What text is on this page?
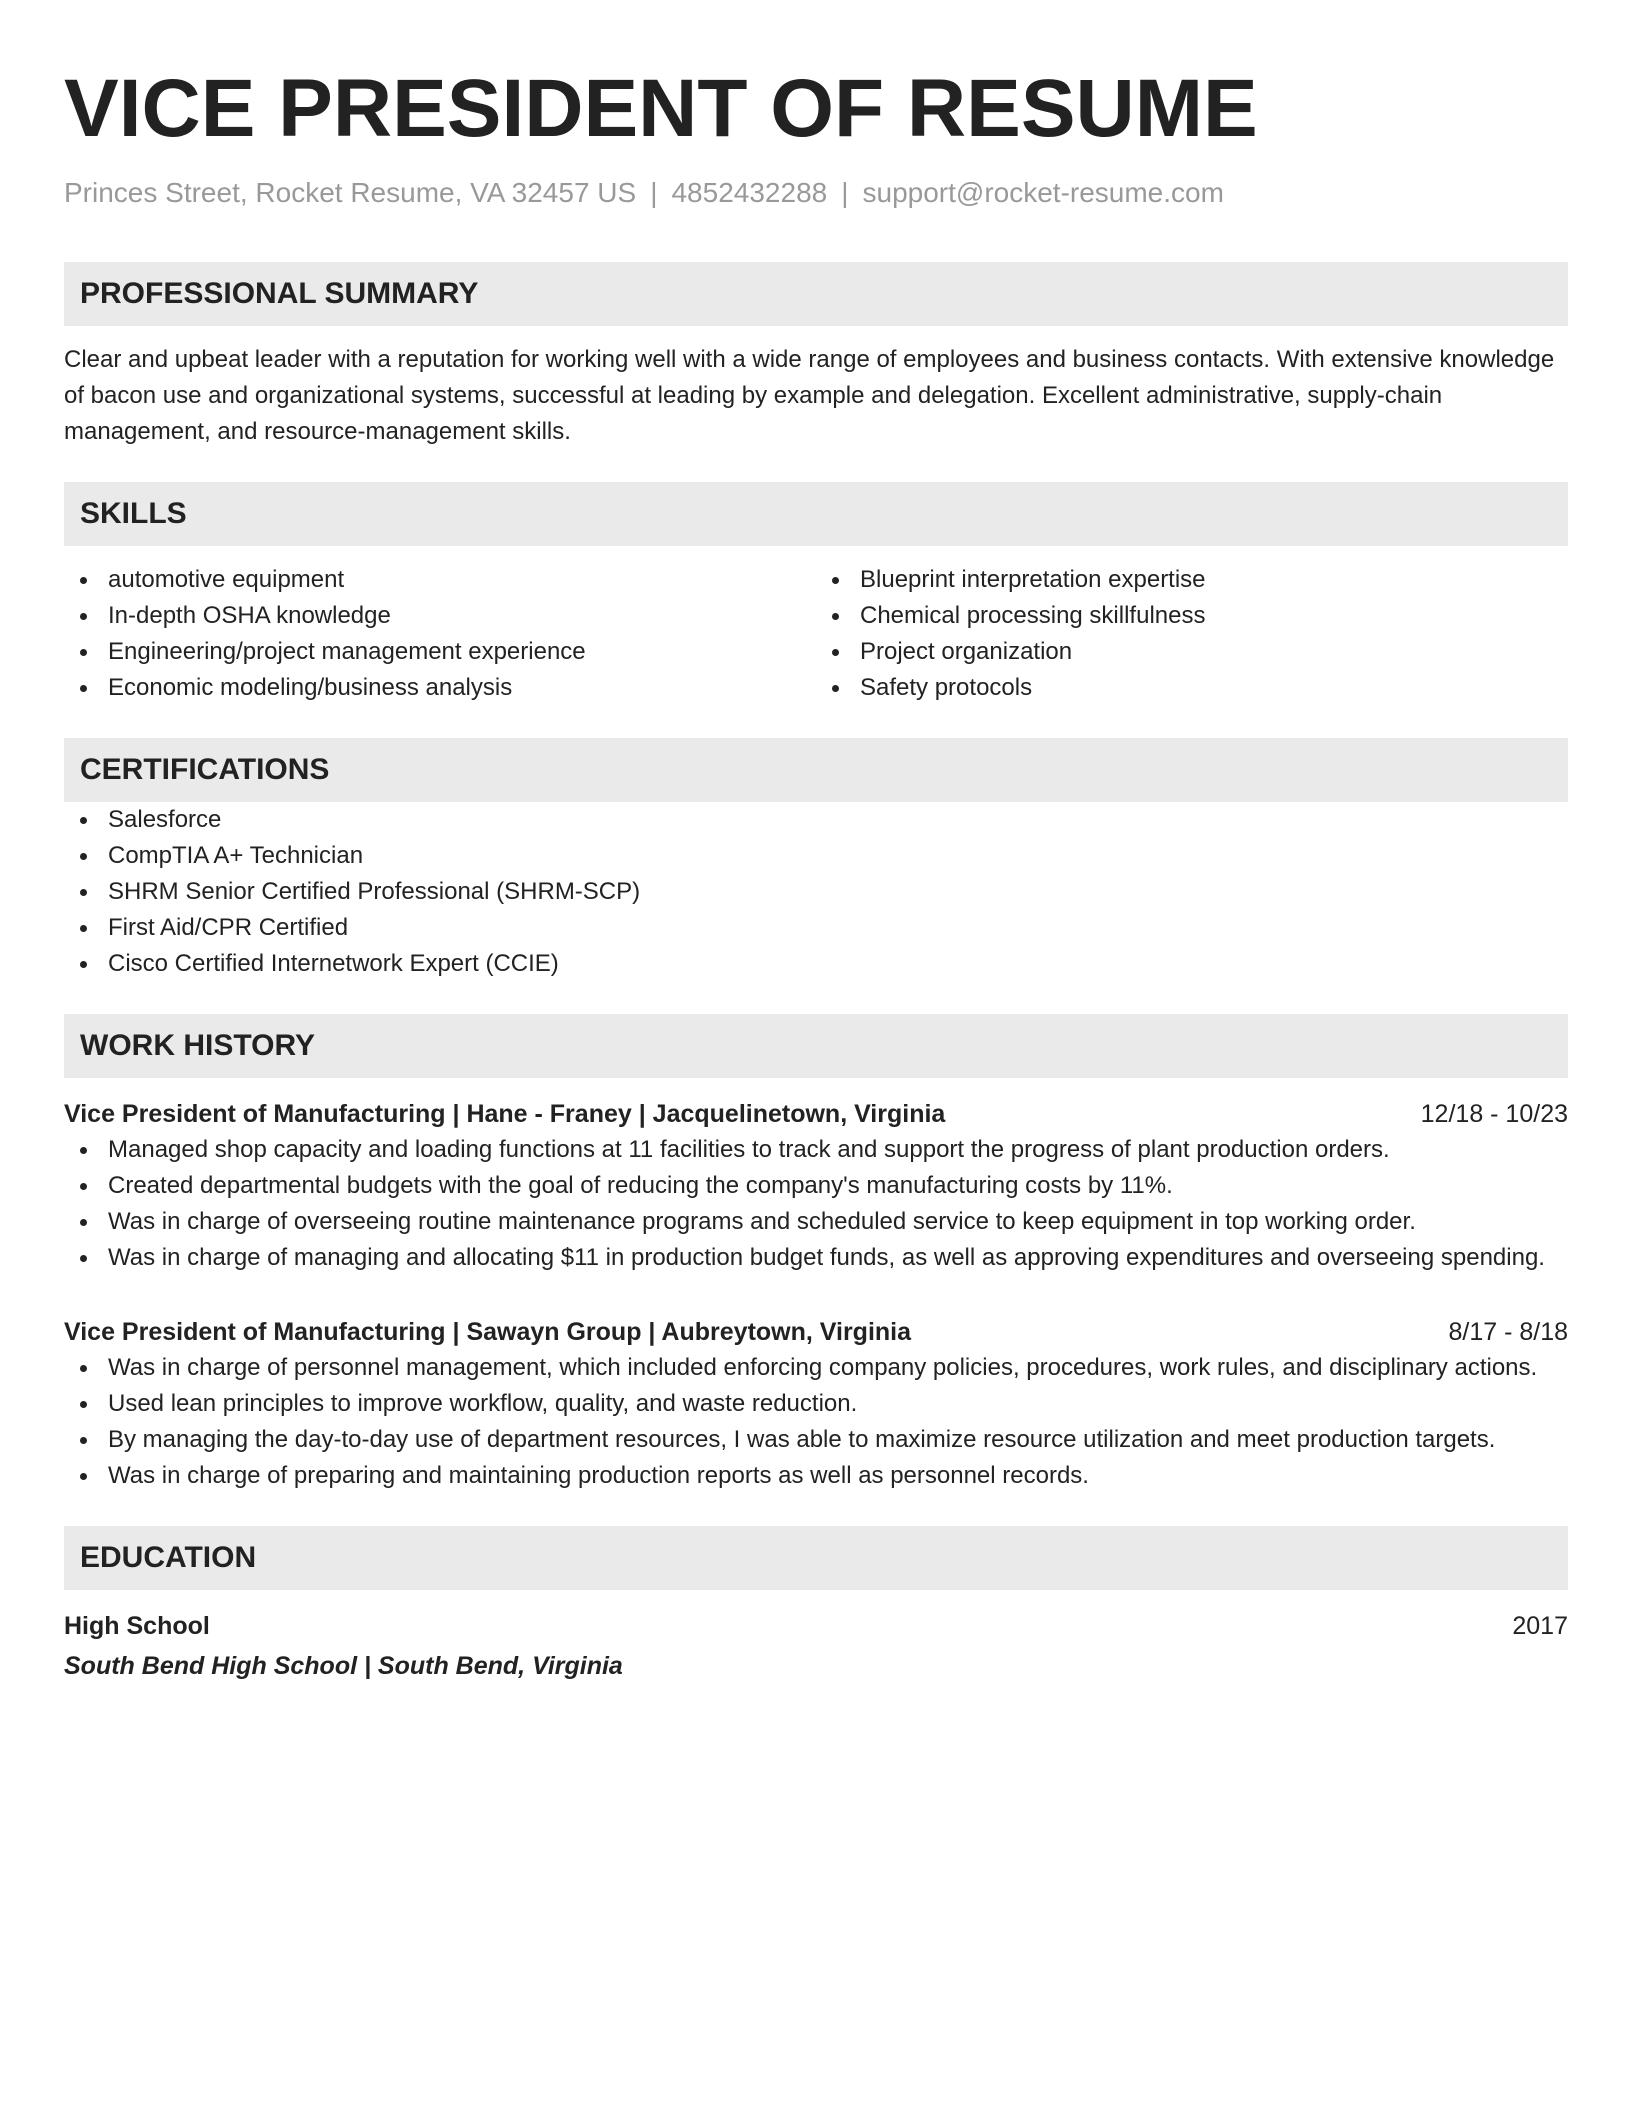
VICE PRESIDENT OF RESUME
Princes Street, Rocket Resume, VA 32457 US | 4852432288 | support@rocket-resume.com
PROFESSIONAL SUMMARY
Clear and upbeat leader with a reputation for working well with a wide range of employees and business contacts. With extensive knowledge of bacon use and organizational systems, successful at leading by example and delegation. Excellent administrative, supply-chain management, and resource-management skills.
SKILLS
automotive equipment
In-depth OSHA knowledge
Engineering/project management experience
Economic modeling/business analysis
Blueprint interpretation expertise
Chemical processing skillfulness
Project organization
Safety protocols
CERTIFICATIONS
Salesforce
CompTIA A+ Technician
SHRM Senior Certified Professional (SHRM-SCP)
First Aid/CPR Certified
Cisco Certified Internetwork Expert (CCIE)
WORK HISTORY
Vice President of Manufacturing | Hane - Franey | Jacquelinetown, Virginia	12/18 - 10/23
Managed shop capacity and loading functions at 11 facilities to track and support the progress of plant production orders.
Created departmental budgets with the goal of reducing the company's manufacturing costs by 11%.
Was in charge of overseeing routine maintenance programs and scheduled service to keep equipment in top working order.
Was in charge of managing and allocating $11 in production budget funds, as well as approving expenditures and overseeing spending.
Vice President of Manufacturing | Sawayn Group | Aubreytown, Virginia	8/17 - 8/18
Was in charge of personnel management, which included enforcing company policies, procedures, work rules, and disciplinary actions.
Used lean principles to improve workflow, quality, and waste reduction.
By managing the day-to-day use of department resources, I was able to maximize resource utilization and meet production targets.
Was in charge of preparing and maintaining production reports as well as personnel records.
EDUCATION
High School	2017
South Bend High School | South Bend, Virginia
